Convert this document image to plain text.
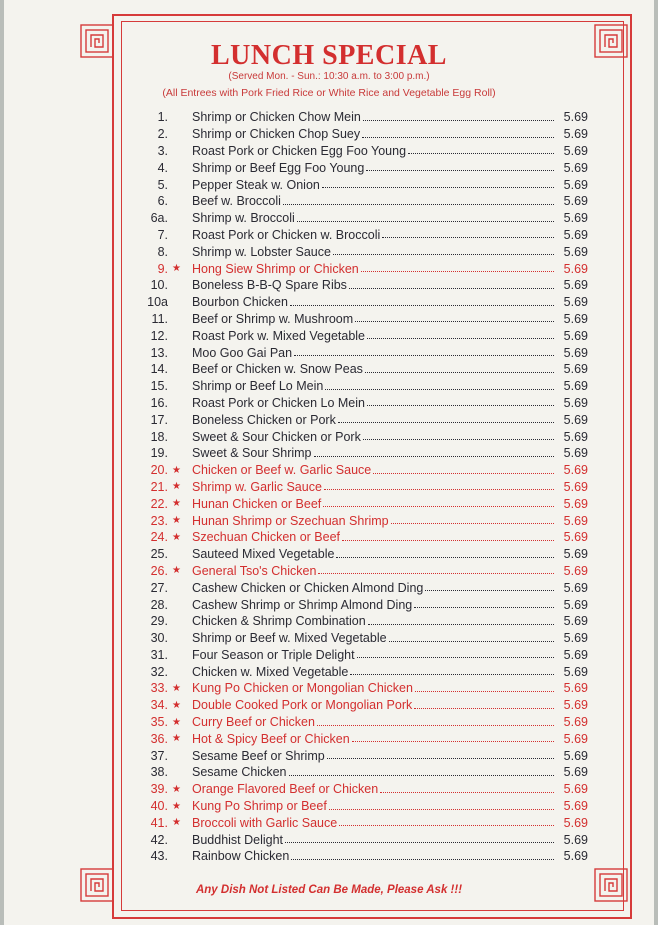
LUNCH SPECIAL
(Served Mon. - Sun.: 10:30 a.m. to 3:00 p.m.)
(All Entrees with Pork Fried Rice or White Rice and Vegetable Egg Roll)
1. Shrimp or Chicken Chow Mein	5.69
2. Shrimp or Chicken Chop Suey	5.69
3. Roast Pork or Chicken Egg Foo Young	5.69
4. Shrimp or Beef Egg Foo Young	5.69
5. Pepper Steak w. Onion	5.69
6. Beef w. Broccoli	5.69
6a. Shrimp w. Broccoli	5.69
7. Roast Pork or Chicken w. Broccoli	5.69
8. Shrimp w. Lobster Sauce	5.69
9. ★ Hong Siew Shrimp or Chicken	5.69
10. Boneless B-B-Q Spare Ribs	5.69
10a Bourbon Chicken	5.69
11. Beef or Shrimp w. Mushroom	5.69
12. Roast Pork w. Mixed Vegetable	5.69
13. Moo Goo Gai Pan	5.69
14. Beef or Chicken w. Snow Peas	5.69
15. Shrimp or Beef Lo Mein	5.69
16. Roast Pork or Chicken Lo Mein	5.69
17. Boneless Chicken or Pork	5.69
18. Sweet & Sour Chicken or Pork	5.69
19. Sweet & Sour Shrimp	5.69
20. ★ Chicken or Beef w. Garlic Sauce	5.69
21. ★ Shrimp w. Garlic Sauce	5.69
22. ★ Hunan Chicken or Beef	5.69
23. ★ Hunan Shrimp or Szechuan Shrimp	5.69
24. ★ Szechuan Chicken or Beef	5.69
25. Sauteed Mixed Vegetable	5.69
26. ★ General Tso's Chicken	5.69
27. Cashew Chicken or Chicken Almond Ding	5.69
28. Cashew Shrimp or Shrimp Almond Ding	5.69
29. Chicken & Shrimp Combination	5.69
30. Shrimp or Beef w. Mixed Vegetable	5.69
31. Four Season or Triple Delight	5.69
32. Chicken w. Mixed Vegetable	5.69
33. ★ Kung Po Chicken or Mongolian Chicken	5.69
34. ★ Double Cooked Pork or Mongolian Pork	5.69
35. ★ Curry Beef or Chicken	5.69
36. ★ Hot & Spicy Beef or Chicken	5.69
37. Sesame Beef or Shrimp	5.69
38. Sesame Chicken	5.69
39. ★ Orange Flavored Beef or Chicken	5.69
40. ★ Kung Po Shrimp or Beef	5.69
41. ★ Broccoli with Garlic Sauce	5.69
42. Buddhist Delight	5.69
43. Rainbow Chicken	5.69
Any Dish Not Listed Can Be Made, Please Ask !!!
